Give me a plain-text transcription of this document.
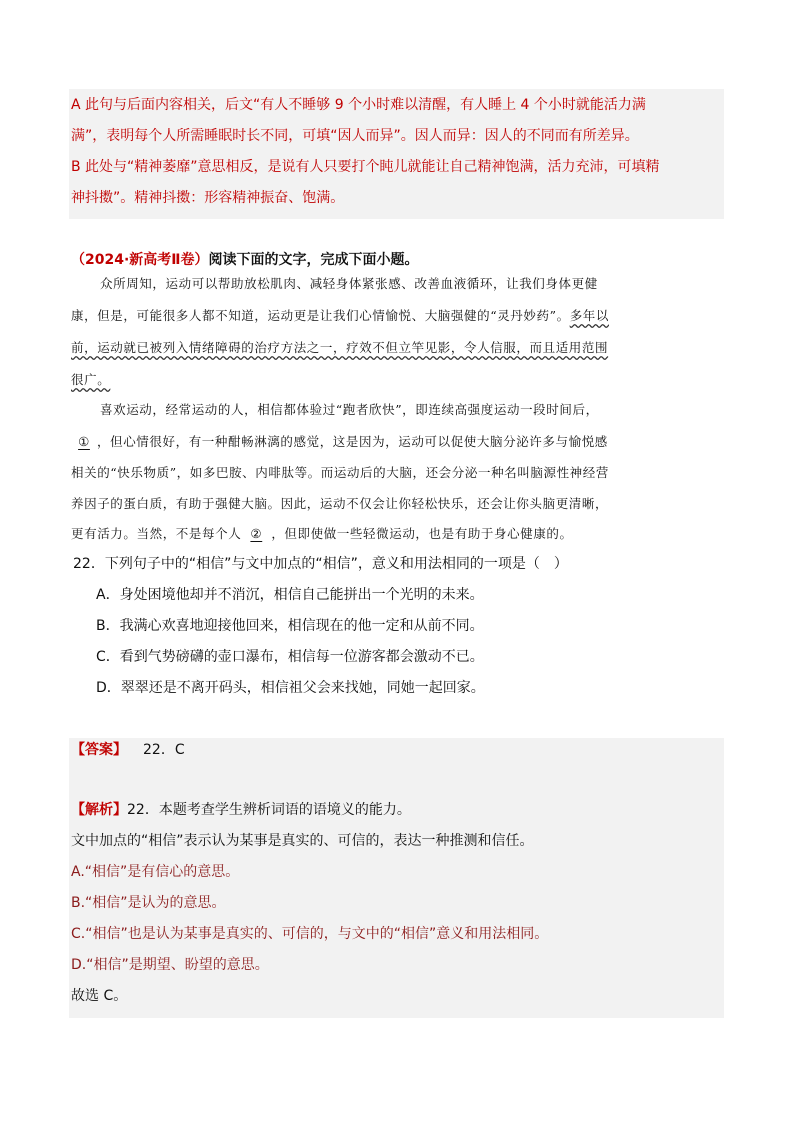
A 此句与后面内容相关，后文“有人不睡够 9 个小时难以清醒，有人睡上 4 个小时就能活力满
满”，表明每个人所需睡眠时长不同，可填“因人而异”。因人而异：因人的不同而有所差异。
B 此处与“精神萎靡”意思相反，是说有人只要打个盹儿就能让自己精神饱满，活力充沛，可填精
神抖擞”。精神抖擞：形容精神振奋、饱满。
（2024·新高考Ⅱ卷）阅读下面的文字，完成下面小题。
众所周知，运动可以帮助放松肌肉、减轻身体紧张感、改善血液循环，让我们身体更健
康，但是，可能很多人都不知道，运动更是让我们心情愉悦、大脑强健的“灵丹妙药”。多年以
前，运动就已被列入情绪障碍的治疗方法之一，疗效不但立竿见影，令人信服，而且适用范围
很广。
喜欢运动，经常运动的人，相信都体验过“跑者欣快”，即连续高强度运动一段时间后，
① ，但心情很好，有一种酣畅淋漓的感觉，这是因为，运动可以促使大脑分泌许多与愉悦感
相关的“快乐物质”，如多巴胺、内啡肽等。而运动后的大脑，还会分泌一种名叫脑源性神经营
养因子的蛋白质，有助于强健大脑。因此，运动不仅会让你轻松快乐，还会让你头脑更清晰，
更有活力。当然，不是每个人 ② ，但即使做一些轻微运动，也是有助于身心健康的。
22．下列句子中的“相信”与文中加点的“相信”，意义和用法相同的一项是（　）
A．身处困境他却并不消沉，相信自己能拼出一个光明的未来。
B．我满心欢喜地迎接他回来，相信现在的他一定和从前不同。
C．看到气势磅礴的壶口瀑布，相信每一位游客都会激动不已。
D．翠翠还是不离开码头，相信祖父会来找她，同她一起回家。
【答案】 22．C
【解析】22．本题考查学生辨析词语的语境义的能力。
文中加点的“相信”表示认为某事是真实的、可信的，表达一种推测和信任。
A.“相信”是有信心的意思。
B.“相信”是认为的意思。
C.“相信”也是认为某事是真实的、可信的，与文中的“相信”意义和用法相同。
D.“相信”是期望、盼望的意思。
故选 C。
